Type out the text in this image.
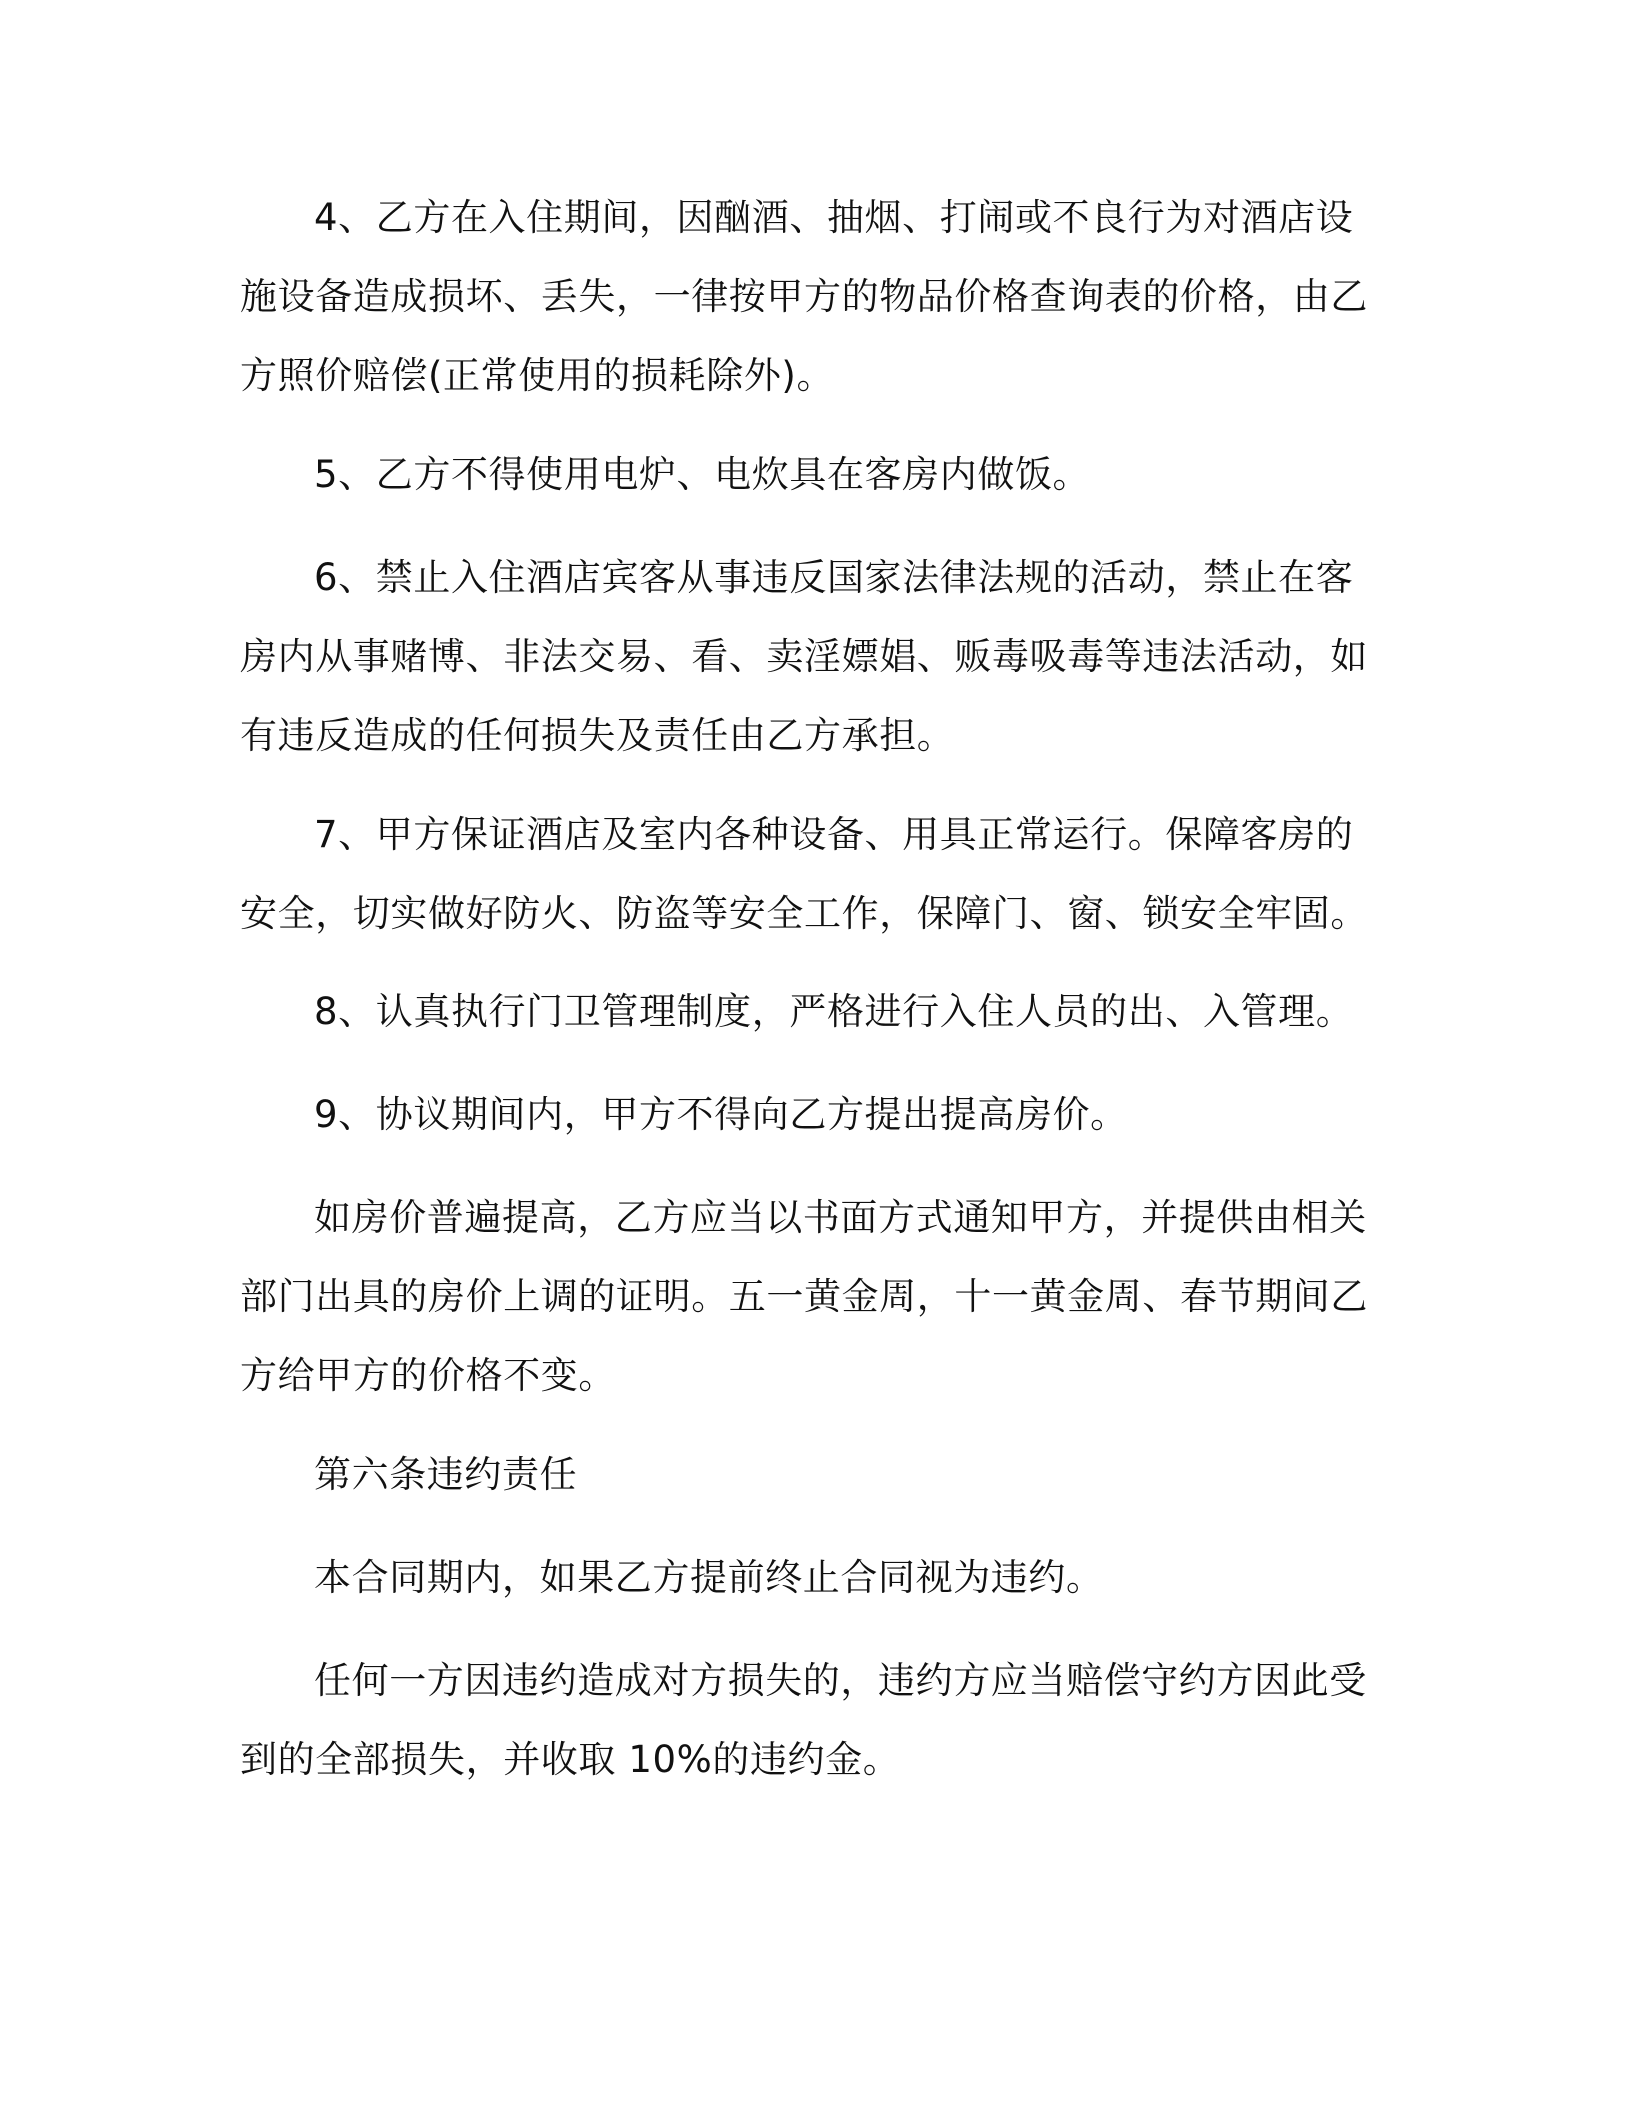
4、乙方在入住期间，因酗酒、抽烟、打闹或不良行为对酒店设施设备造成损坏、丢失，一律按甲方的物品价格查询表的价格，由乙方照价赔偿(正常使用的损耗除外)。

5、乙方不得使用电炉、电炊具在客房内做饭。

6、禁止入住酒店宾客从事违反国家法律法规的活动，禁止在客房内从事赌博、非法交易、看、卖淫嫖娼、贩毒吸毒等违法活动，如有违反造成的任何损失及责任由乙方承担。

7、甲方保证酒店及室内各种设备、用具正常运行。保障客房的安全，切实做好防火、防盗等安全工作，保障门、窗、锁安全牢固。

8、认真执行门卫管理制度，严格进行入住人员的出、入管理。

9、协议期间内，甲方不得向乙方提出提高房价。

如房价普遍提高，乙方应当以书面方式通知甲方，并提供由相关部门出具的房价上调的证明。五一黄金周，十一黄金周、春节期间乙方给甲方的价格不变。

第六条违约责任

本合同期内，如果乙方提前终止合同视为违约。

任何一方因违约造成对方损失的，违约方应当赔偿守约方因此受到的全部损失，并收取 10%的违约金。
